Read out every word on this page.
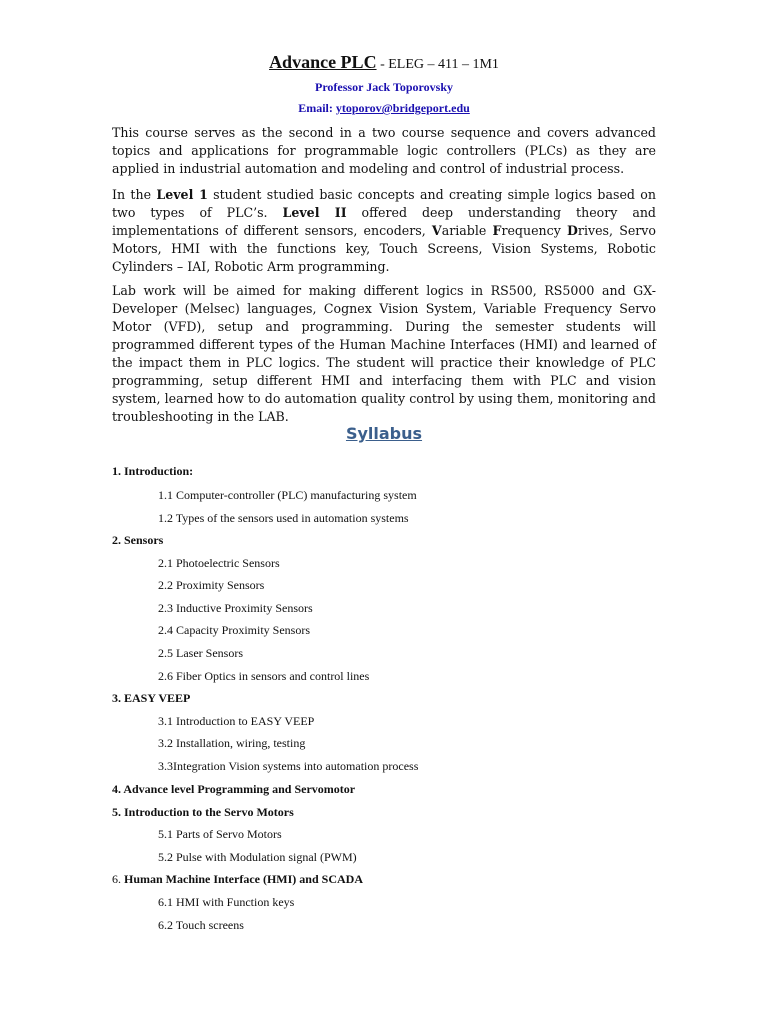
Advance PLC - ELEG – 411 – 1M1
Professor Jack Toporovsky
Email: ytoporov@bridgeport.edu

This course serves as the second in a two course sequence and covers advanced topics and applications for programmable logic controllers (PLCs) as they are applied in industrial automation and modeling and control of industrial process.

In the Level 1 student studied basic concepts and creating simple logics based on two types of PLC’s. Level II offered deep understanding theory and implementations of different sensors, encoders, Variable Frequency Drives, Servo Motors, HMI with the functions key, Touch Screens, Vision Systems, Robotic Cylinders – IAI, Robotic Arm programming.

Lab work will be aimed for making different logics in RS500, RS5000 and GX-Developer (Melsec) languages, Cognex Vision System, Variable Frequency Servo Motor (VFD), setup and programming. During the semester students will programmed different types of the Human Machine Interfaces (HMI) and learned of the impact them in PLC logics. The student will practice their knowledge of PLC programming, setup different HMI and interfacing them with PLC and vision system, learned how to do automation quality control by using them, monitoring and troubleshooting in the LAB.

Syllabus
1. Introduction:
1.1 Computer-controller (PLC) manufacturing system
1.2 Types of the sensors used in automation systems
2. Sensors
2.1 Photoelectric Sensors
2.2 Proximity Sensors
2.3 Inductive Proximity Sensors
2.4 Capacity Proximity Sensors
2.5 Laser Sensors
2.6 Fiber Optics in sensors and control lines
3. EASY VEEP
3.1 Introduction to EASY VEEP
3.2 Installation, wiring, testing
3.3Integration Vision systems into automation process
4. Advance level Programming and Servomotor
5. Introduction to the Servo Motors
5.1 Parts of Servo Motors
5.2 Pulse with Modulation signal (PWM)
6. Human Machine Interface (HMI) and SCADA
6.1 HMI with Function keys
6.2 Touch screens
